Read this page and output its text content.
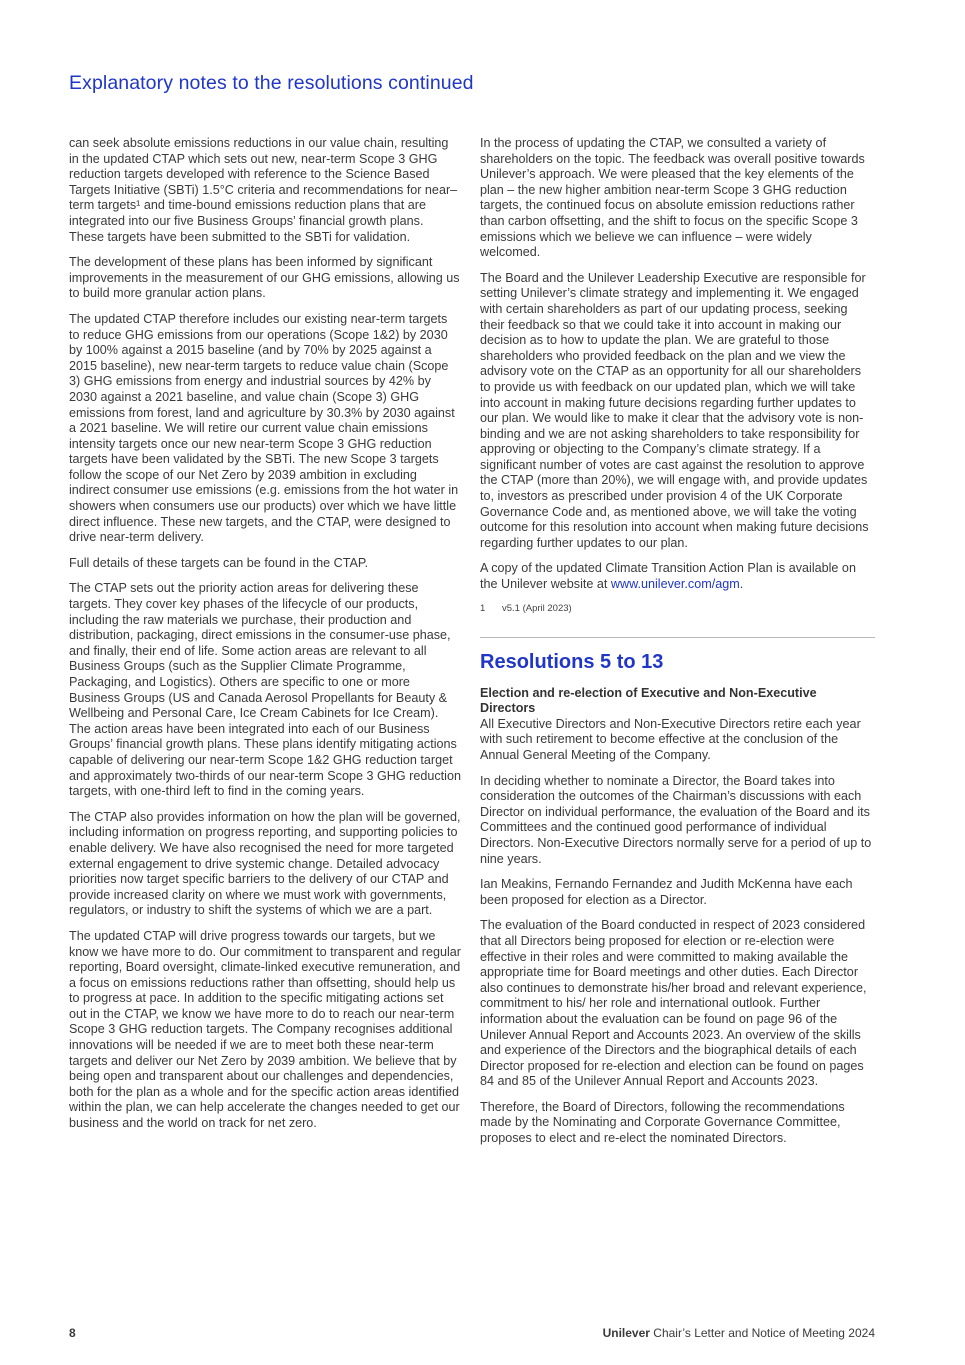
Explanatory notes to the resolutions continued

can seek absolute emissions reductions in our value chain, resulting in the updated CTAP which sets out new, near-term Scope 3 GHG reduction targets developed with reference to the Science Based Targets Initiative (SBTi) 1.5°C criteria and recommendations for near–term targets¹ and time-bound emissions reduction plans that are integrated into our five Business Groups’ financial growth plans. These targets have been submitted to the SBTi for validation.

The development of these plans has been informed by significant improvements in the measurement of our GHG emissions, allowing us to build more granular action plans.

The updated CTAP therefore includes our existing near-term targets to reduce GHG emissions from our operations (Scope 1&2) by 2030 by 100% against a 2015 baseline (and by 70% by 2025 against a 2015 baseline), new near-term targets to reduce value chain (Scope 3) GHG emissions from energy and industrial sources by 42% by 2030 against a 2021 baseline, and value chain (Scope 3) GHG emissions from forest, land and agriculture by 30.3% by 2030 against a 2021 baseline. We will retire our current value chain emissions intensity targets once our new near-term Scope 3 GHG reduction targets have been validated by the SBTi. The new Scope 3 targets follow the scope of our Net Zero by 2039 ambition in excluding indirect consumer use emissions (e.g. emissions from the hot water in showers when consumers use our products) over which we have little direct influence. These new targets, and the CTAP, were designed to drive near-term delivery.

Full details of these targets can be found in the CTAP.

The CTAP sets out the priority action areas for delivering these targets. They cover key phases of the lifecycle of our products, including the raw materials we purchase, their production and distribution, packaging, direct emissions in the consumer-use phase, and finally, their end of life. Some action areas are relevant to all Business Groups (such as the Supplier Climate Programme, Packaging, and Logistics). Others are specific to one or more Business Groups (US and Canada Aerosol Propellants for Beauty & Wellbeing and Personal Care, Ice Cream Cabinets for Ice Cream). The action areas have been integrated into each of our Business Groups’ financial growth plans. These plans identify mitigating actions capable of delivering our near-term Scope 1&2 GHG reduction target and approximately two-thirds of our near-term Scope 3 GHG reduction targets, with one-third left to find in the coming years.

The CTAP also provides information on how the plan will be governed, including information on progress reporting, and supporting policies to enable delivery. We have also recognised the need for more targeted external engagement to drive systemic change. Detailed advocacy priorities now target specific barriers to the delivery of our CTAP and provide increased clarity on where we must work with governments, regulators, or industry to shift the systems of which we are a part.

The updated CTAP will drive progress towards our targets, but we know we have more to do. Our commitment to transparent and regular reporting, Board oversight, climate-linked executive remuneration, and a focus on emissions reductions rather than offsetting, should help us to progress at pace. In addition to the specific mitigating actions set out in the CTAP, we know we have more to do to reach our near-term Scope 3 GHG reduction targets. The Company recognises additional innovations will be needed if we are to meet both these near-term targets and deliver our Net Zero by 2039 ambition. We believe that by being open and transparent about our challenges and dependencies, both for the plan as a whole and for the specific action areas identified within the plan, we can help accelerate the changes needed to get our business and the world on track for net zero.

In the process of updating the CTAP, we consulted a variety of shareholders on the topic. The feedback was overall positive towards Unilever’s approach. We were pleased that the key elements of the plan – the new higher ambition near-term Scope 3 GHG reduction targets, the continued focus on absolute emission reductions rather than carbon offsetting, and the shift to focus on the specific Scope 3 emissions which we believe we can influence – were widely welcomed.

The Board and the Unilever Leadership Executive are responsible for setting Unilever’s climate strategy and implementing it. We engaged with certain shareholders as part of our updating process, seeking their feedback so that we could take it into account in making our decision as to how to update the plan. We are grateful to those shareholders who provided feedback on the plan and we view the advisory vote on the CTAP as an opportunity for all our shareholders to provide us with feedback on our updated plan, which we will take into account in making future decisions regarding further updates to our plan. We would like to make it clear that the advisory vote is non-binding and we are not asking shareholders to take responsibility for approving or objecting to the Company’s climate strategy. If a significant number of votes are cast against the resolution to approve the CTAP (more than 20%), we will engage with, and provide updates to, investors as prescribed under provision 4 of the UK Corporate Governance Code and, as mentioned above, we will take the voting outcome for this resolution into account when making future decisions regarding further updates to our plan.

A copy of the updated Climate Transition Action Plan is available on the Unilever website at www.unilever.com/agm.

1 v5.1 (April 2023)

Resolutions 5 to 13

Election and re-election of Executive and Non-Executive Directors
All Executive Directors and Non-Executive Directors retire each year with such retirement to become effective at the conclusion of the Annual General Meeting of the Company.

In deciding whether to nominate a Director, the Board takes into consideration the outcomes of the Chairman’s discussions with each Director on individual performance, the evaluation of the Board and its Committees and the continued good performance of individual Directors. Non-Executive Directors normally serve for a period of up to nine years.

Ian Meakins, Fernando Fernandez and Judith McKenna have each been proposed for election as a Director.

The evaluation of the Board conducted in respect of 2023 considered that all Directors being proposed for election or re-election were effective in their roles and were committed to making available the appropriate time for Board meetings and other duties. Each Director also continues to demonstrate his/her broad and relevant experience, commitment to his/ her role and international outlook. Further information about the evaluation can be found on page 96 of the Unilever Annual Report and Accounts 2023. An overview of the skills and experience of the Directors and the biographical details of each Director proposed for re-election and election can be found on pages 84 and 85 of the Unilever Annual Report and Accounts 2023.

Therefore, the Board of Directors, following the recommendations made by the Nominating and Corporate Governance Committee, proposes to elect and re-elect the nominated Directors.

8	Unilever Chair’s Letter and Notice of Meeting 2024
